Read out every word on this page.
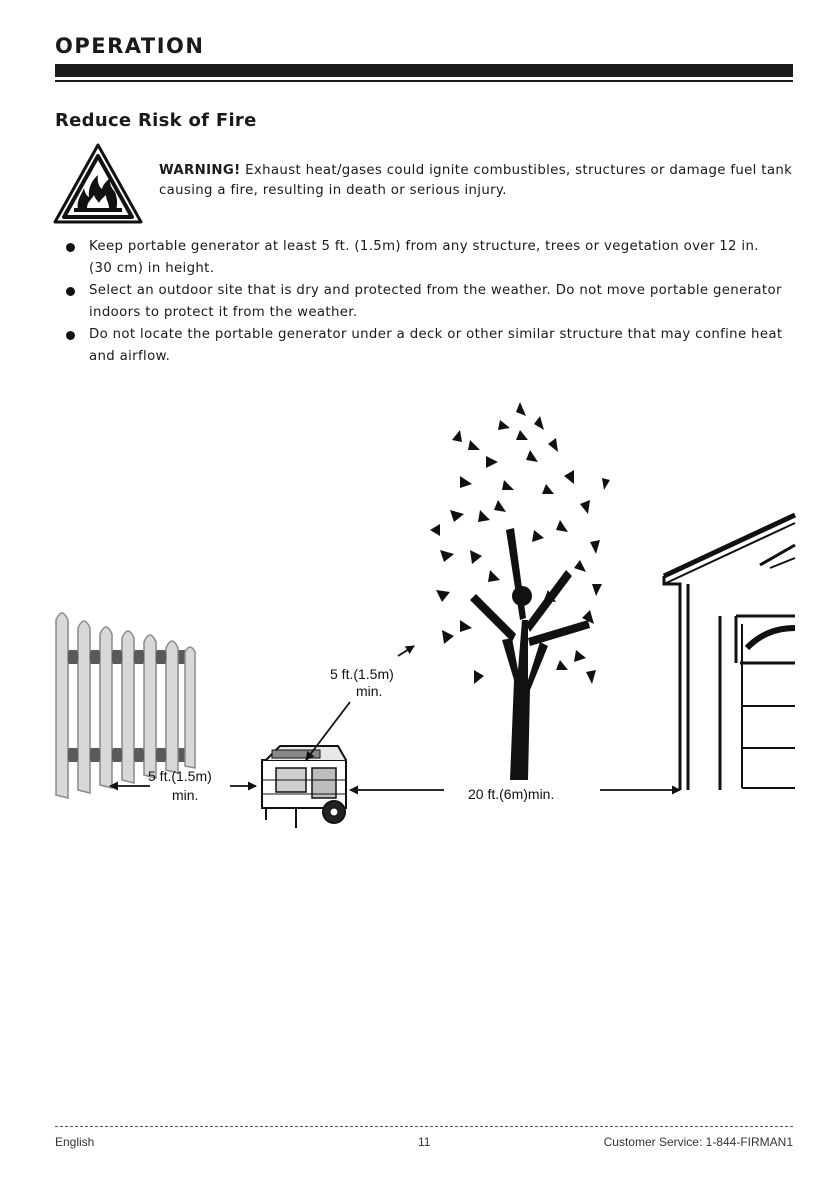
OPERATION
Reduce Risk of Fire
WARNING! Exhaust heat/gases could ignite combustibles, structures or damage fuel tank causing a fire, resulting in death or serious injury.
Keep portable generator at least 5 ft. (1.5m) from any structure, trees or vegetation over 12 in. (30 cm) in height.
Select an outdoor site that is dry and protected from the weather. Do not move portable generator indoors to protect it from the weather.
Do not locate the portable generator under a deck or other similar structure that may confine heat and airflow.
5 ft.(1.5m)
min.
5 ft.(1.5m)
min.	20 ft.(6m)min.
English	11	Customer Service: 1-844-FIRMAN1
